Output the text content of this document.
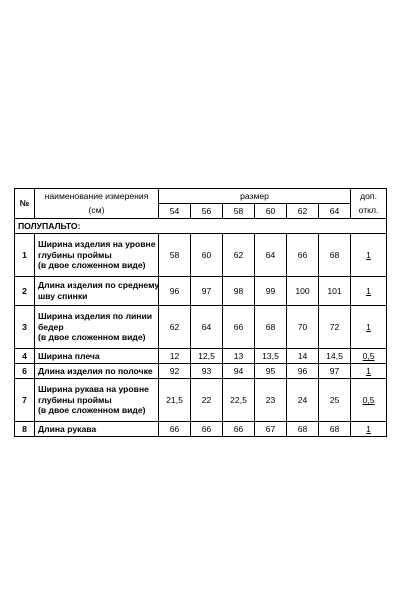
№	наименование измерения	размер						доп.
	(см)	54	56	58	60	62	64	откл.
ПОЛУПАЛЬТО:								
1	Ширина изделия на уровне
глубины проймы
(в двое сложенном виде)	58	60	62	64	66	68	1
2	Длина изделия по среднему
шву спинки	96	97	98	99	100	101	1
3	Ширина изделия по линии
бедер
(в двое сложенном виде)	62	64	66	68	70	72	1
4	Ширина плеча	12	12,5	13	13,5	14	14,5	0,5
6	Длина изделия по полочке	92	93	94	95	96	97	1
7	Ширина рукава на уровне
глубины проймы
(в двое сложенном виде)	21,5	22	22,5	23	24	25	0,5
8	Длина рукава	66	66	66	67	68	68	1
